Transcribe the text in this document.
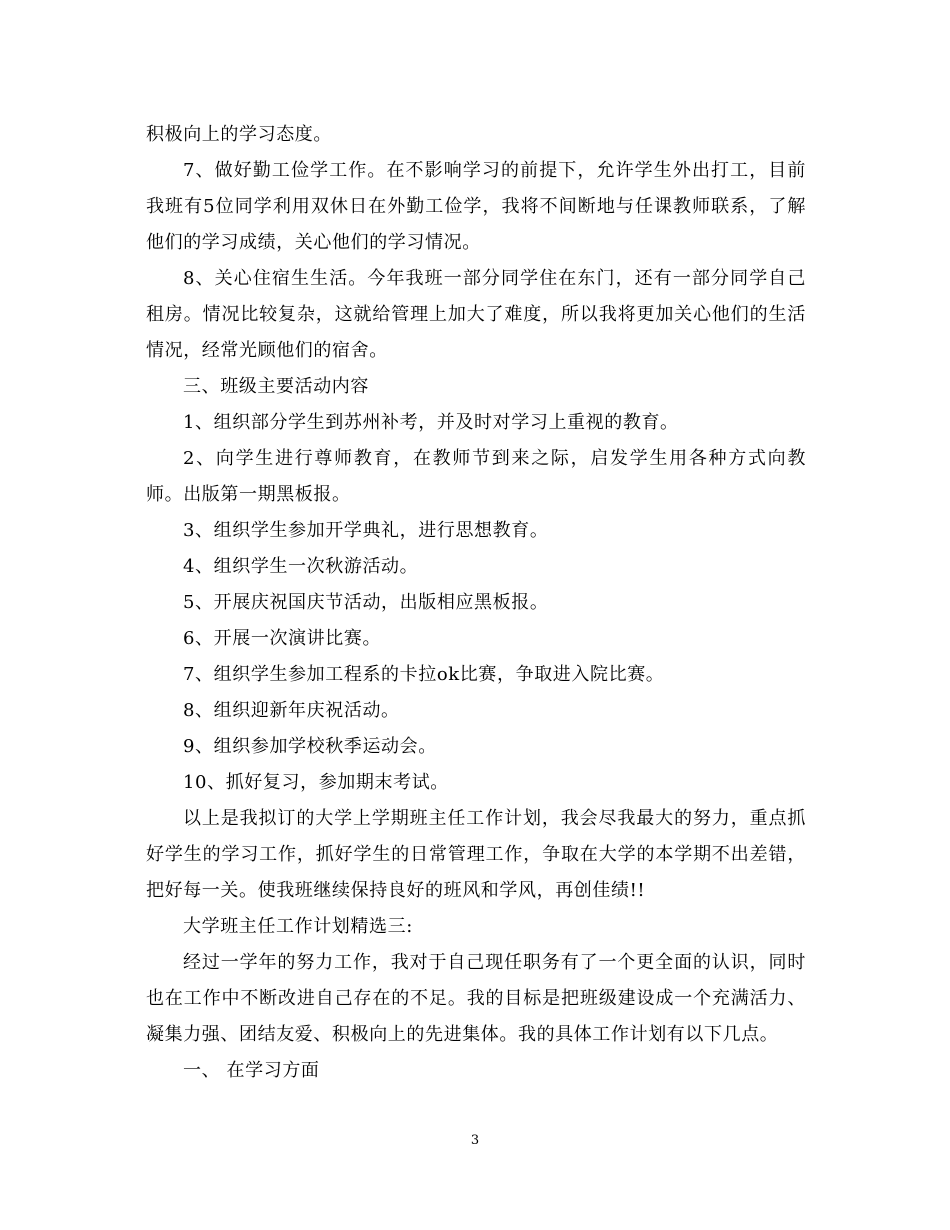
积极向上的学习态度。

7、做好勤工俭学工作。在不影响学习的前提下，允许学生外出打工，目前我班有5位同学利用双休日在外勤工俭学，我将不间断地与任课教师联系，了解他们的学习成绩，关心他们的学习情况。

8、关心住宿生生活。今年我班一部分同学住在东门，还有一部分同学自己租房。情况比较复杂，这就给管理上加大了难度，所以我将更加关心他们的生活情况，经常光顾他们的宿舍。

三、班级主要活动内容

1、组织部分学生到苏州补考，并及时对学习上重视的教育。

2、向学生进行尊师教育，在教师节到来之际，启发学生用各种方式向教师。出版第一期黑板报。

3、组织学生参加开学典礼，进行思想教育。

4、组织学生一次秋游活动。

5、开展庆祝国庆节活动，出版相应黑板报。

6、开展一次演讲比赛。

7、组织学生参加工程系的卡拉ok比赛，争取进入院比赛。

8、组织迎新年庆祝活动。

9、组织参加学校秋季运动会。

10、抓好复习，参加期末考试。

以上是我拟订的大学上学期班主任工作计划，我会尽我最大的努力，重点抓好学生的学习工作，抓好学生的日常管理工作，争取在大学的本学期不出差错，把好每一关。使我班继续保持良好的班风和学风，再创佳绩!!

大学班主任工作计划精选三:

经过一学年的努力工作，我对于自己现任职务有了一个更全面的认识，同时也在工作中不断改进自己存在的不足。我的目标是把班级建设成一个充满活力、凝集力强、团结友爱、积极向上的先进集体。我的具体工作计划有以下几点。

一、 在学习方面

3
